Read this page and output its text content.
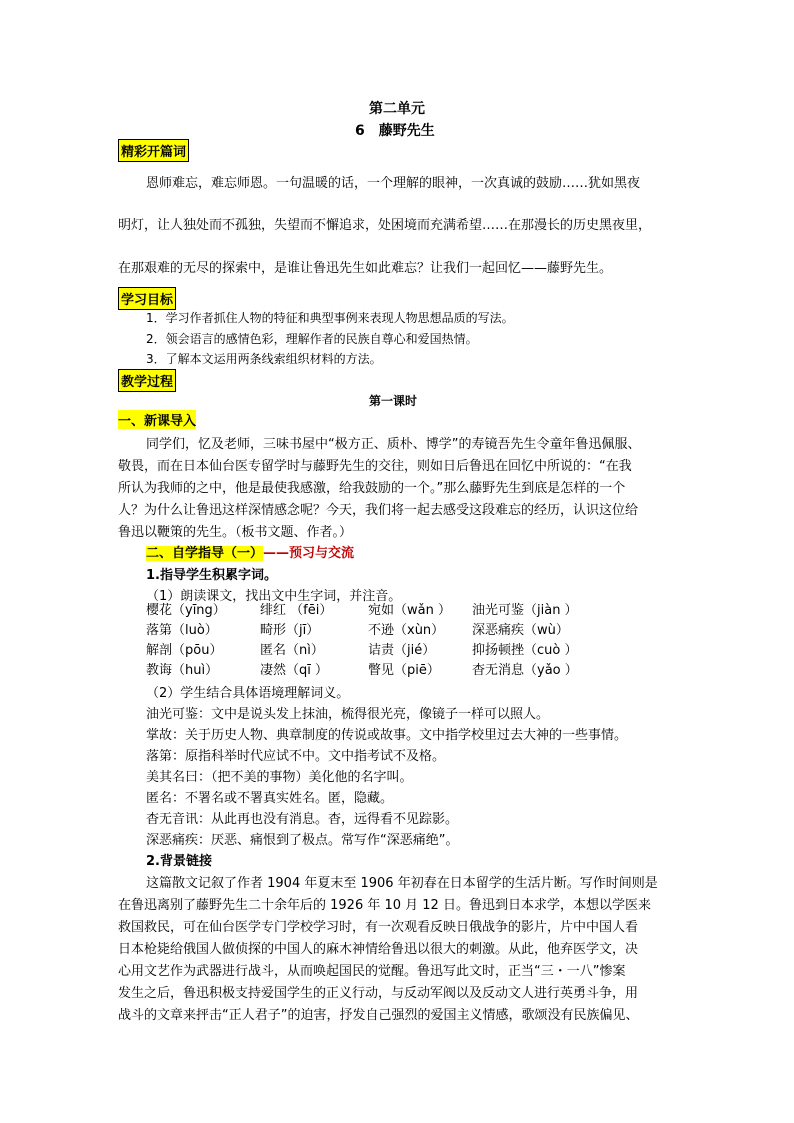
第二单元
6　藤野先生
精彩开篇词
恩师难忘，难忘师恩。一句温暖的话，一个理解的眼神，一次真诚的鼓励……犹如黑夜
明灯，让人独处而不孤独，失望而不懈追求，处困境而充满希望……在那漫长的历史黑夜里，
在那艰难的无尽的探索中，是谁让鲁迅先生如此难忘？让我们一起回忆——藤野先生。
学习目标
1．学习作者抓住人物的特征和典型事例来表现人物思想品质的写法。
2．领会语言的感情色彩，理解作者的民族自尊心和爱国热情。
3．了解本文运用两条线索组织材料的方法。
教学过程
第一课时
一、新课导入
同学们，忆及老师，三味书屋中“极方正、质朴、博学”的寿镜吾先生令童年鲁迅佩服、
敬畏，而在日本仙台医专留学时与藤野先生的交往，则如日后鲁迅在回忆中所说的：“在我
所认为我师的之中，他是最使我感激，给我鼓励的一个。”那么藤野先生到底是怎样的一个
人？为什么让鲁迅这样深情感念呢？今天，我们将一起去感受这段难忘的经历，认识这位给
鲁迅以鞭策的先生。（板书文题、作者。）
二、自学指导（一）——预习与交流
1.指导学生积累字词。
（1）朗读课文，找出文中生字词，并注音。
樱花（yīng）	绯红 （fēi）	宛如（wǎn ）	油光可鉴（jiàn ）
落第（luò）	畸形（jī）	不逊（xùn）	深恶痛疾（wù）
解剖（pōu）	匿名（nì）	诘责（jié）	抑扬顿挫（cuò ）
教诲（huì）	凄然（qī ）	瞥见（piē）	杳无消息（yǎo ）
（2）学生结合具体语境理解词义。
油光可鉴：文中是说头发上抹油，梳得很光亮，像镜子一样可以照人。
掌故：关于历史人物、典章制度的传说或故事。文中指学校里过去大神的一些事情。
落第：原指科举时代应试不中。文中指考试不及格。
美其名曰：（把不美的事物）美化他的名字叫。
匿名：不署名或不署真实姓名。匿，隐藏。
杳无音讯：从此再也没有消息。杳，远得看不见踪影。
深恶痛疾：厌恶、痛恨到了极点。常写作“深恶痛绝”。
2.背景链接
这篇散文记叙了作者 1904 年夏末至 1906 年初春在日本留学的生活片断。写作时间则是
在鲁迅离别了藤野先生二十余年后的 1926 年 10 月 12 日。鲁迅到日本求学，本想以学医来
救国救民，可在仙台医学专门学校学习时，有一次观看反映日俄战争的影片，片中中国人看
日本枪毙给俄国人做侦探的中国人的麻木神情给鲁迅以很大的刺激。从此，他弃医学文，决
心用文艺作为武器进行战斗，从而唤起国民的觉醒。鲁迅写此文时，正当“三・一八”惨案
发生之后，鲁迅积极支持爱国学生的正义行动，与反动军阀以及反动文人进行英勇斗争，用
战斗的文章来抨击“正人君子”的迫害，抒发自己强烈的爱国主义情感，歌颂没有民族偏见、
